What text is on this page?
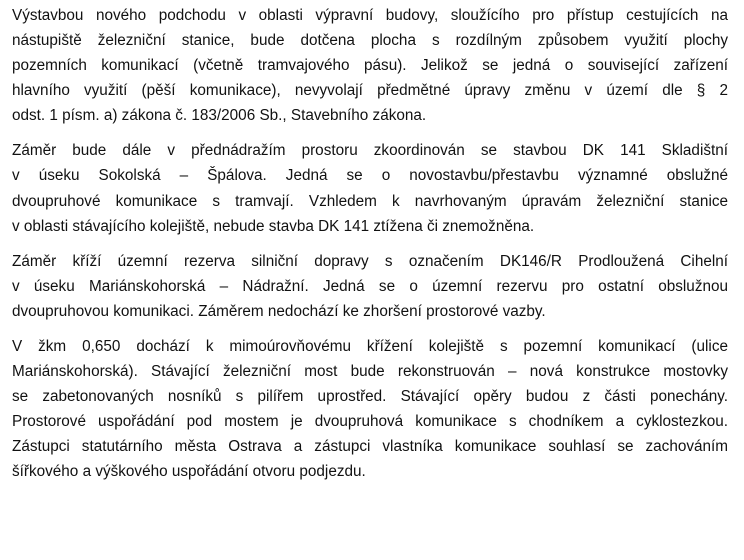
Výstavbou nového podchodu v oblasti výpravní budovy, sloužícího pro přístup cestujících na
nástupiště železniční stanice, bude dotčena plocha s rozdílným způsobem využití plochy
pozemních komunikací (včetně tramvajového pásu). Jelikož se jedná o související zařízení
hlavního využití (pěší komunikace), nevyvolají předmětné úpravy změnu v území dle § 2
odst. 1 písm. a) zákona č. 183/2006 Sb., Stavebního zákona.
Záměr bude dále v přednádražím prostoru zkoordinován se stavbou DK 141 Skladištní
v úseku Sokolská – Špálova. Jedná se o novostavbu/přestavbu významné obslužné
dvoupruhové komunikace s tramvají. Vzhledem k navrhovaným úpravám železniční stanice
v oblasti stávajícího kolejiště, nebude stavba DK 141 ztížena či znemožněna.
Záměr kříží územní rezerva silniční dopravy s označením DK146/R Prodloužená Cihelní
v úseku Mariánskohorská – Nádražní. Jedná se o územní rezervu pro ostatní obslužnou
dvoupruhovou komunikaci. Záměrem nedochází ke zhoršení prostorové vazby.
V žkm 0,650 dochází k mimoúrovňovému křížení kolejiště s pozemní komunikací (ulice
Mariánskohorská). Stávající železniční most bude rekonstruován – nová konstrukce mostovky
se zabetonovaných nosníků s pilířem uprostřed. Stávající opěry budou z části ponechány.
Prostorové uspořádání pod mostem je dvoupruhová komunikace s chodníkem a cyklostezkou.
Zástupci statutárního města Ostrava a zástupci vlastníka komunikace souhlasí se zachováním
šířkového a výškového uspořádání otvoru podjezdu.
